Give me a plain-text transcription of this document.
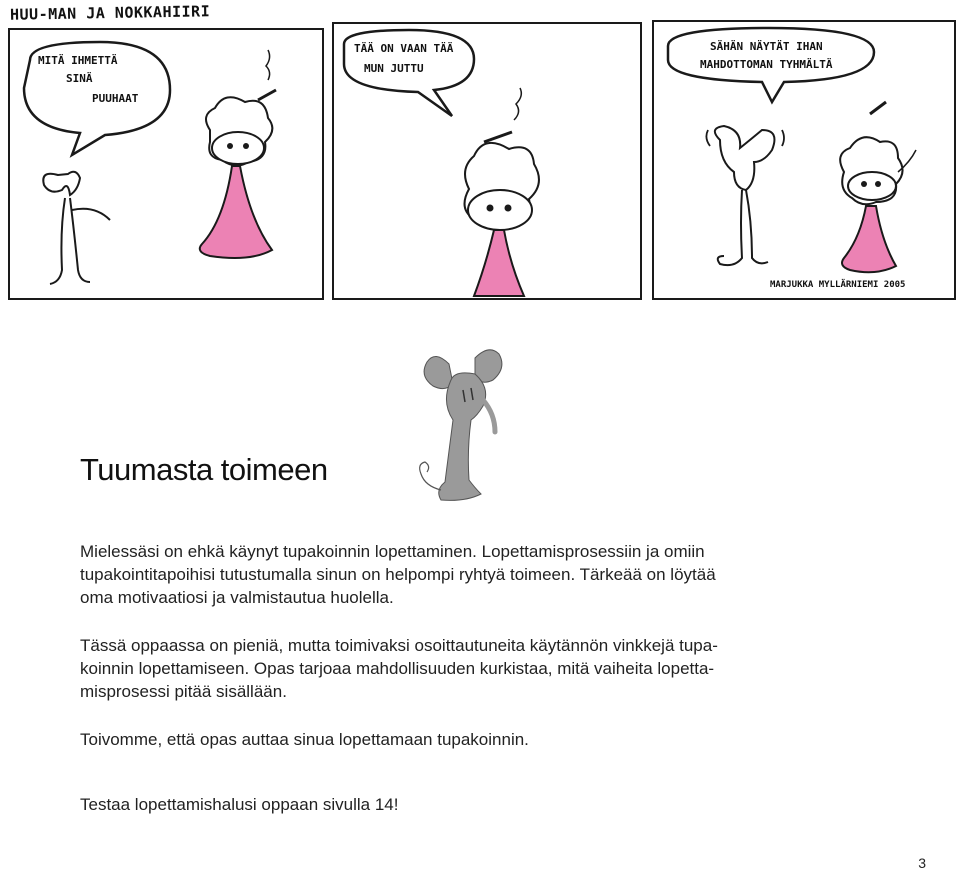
HUU-MAN JA NOKKAHIIRI
MITÄ IHMETTÄ
SINÄ
PUUHAAT
TÄÄ ON VAAN TÄÄ
MUN JUTTU
SÄHÄN NÄYTÄT IHAN
MAHDOTTOMAN TYHMÄLTÄ
MARJUKKA MYLLÄRNIEMI 2005
Tuumasta toimeen
Mielessäsi on ehkä käynyt tupakoinnin lopettaminen. Lopettamisprosessiin ja omiin
tupakointitapoihisi tutustumalla sinun on helpompi ryhtyä toimeen. Tärkeää on löytää
oma motivaatiosi ja valmistautua huolella.
Tässä oppaassa on pieniä, mutta toimivaksi osoittautuneita käytännön vinkkejä tupa-
koinnin lopettamiseen. Opas tarjoaa mahdollisuuden kurkistaa, mitä vaiheita lopetta-
misprosessi pitää sisällään.
Toivomme, että opas auttaa sinua lopettamaan tupakoinnin.
Testaa lopettamishalusi oppaan sivulla 14!
3
